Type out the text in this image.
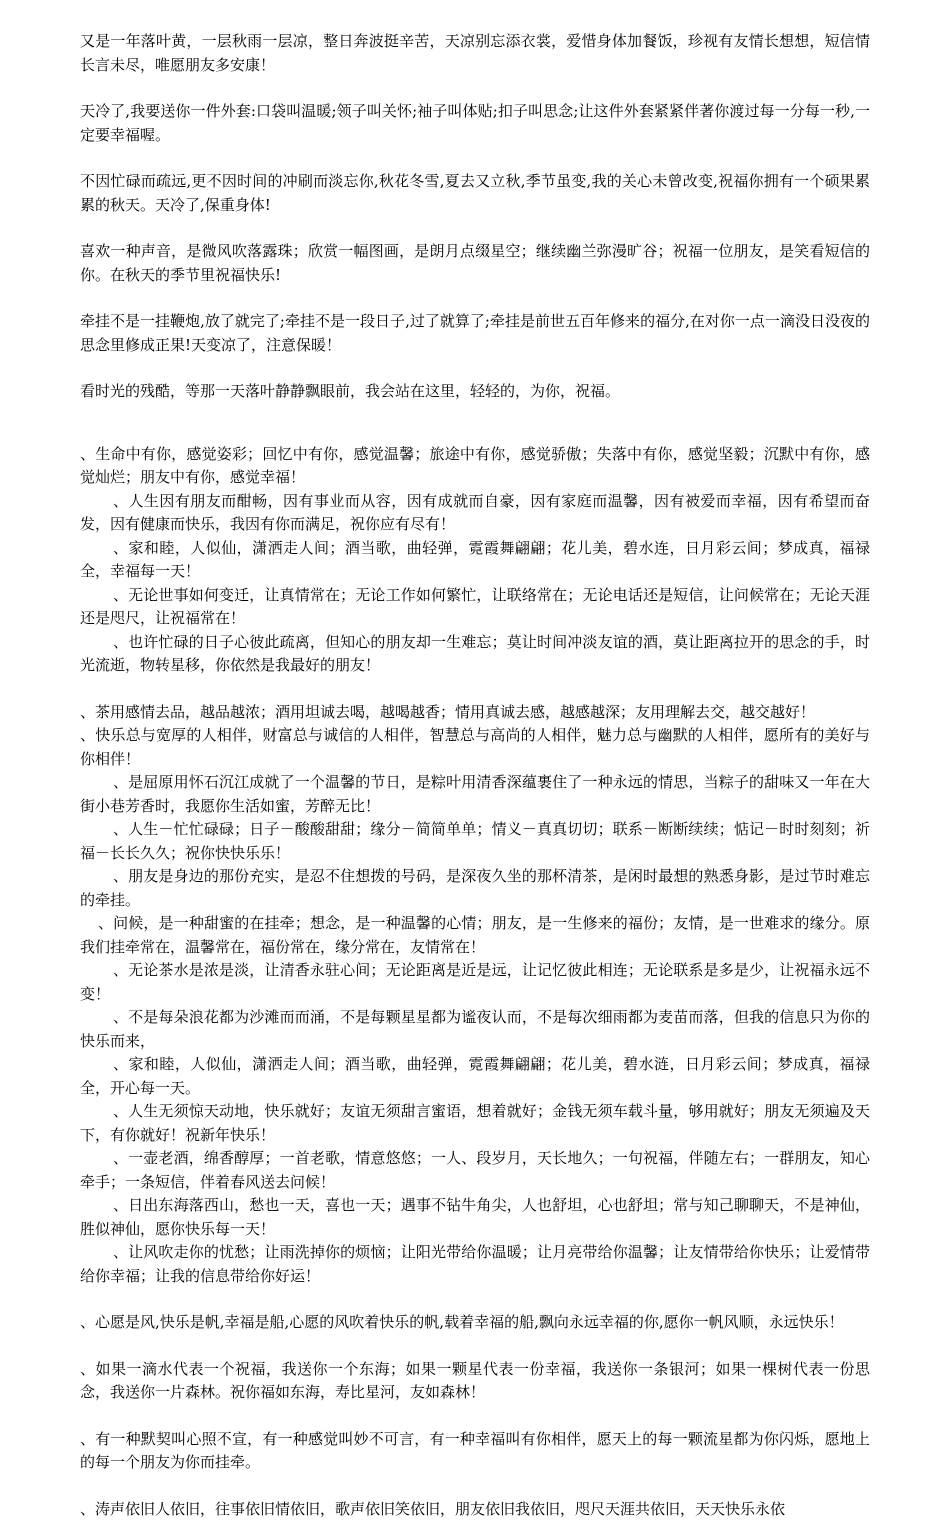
又是一年落叶黄，一层秋雨一层凉，整日奔波挺辛苦，天凉别忘添衣裳，爱惜身体加餐饭，珍视有友情长想想，短信情长言未尽，唯愿朋友多安康！

天冷了,我要送你一件外套:口袋叫温暖;领子叫关怀;袖子叫体贴;扣子叫思念;让这件外套紧紧伴著你渡过每一分每一秒,一定要幸福喔。

不因忙碌而疏远,更不因时间的冲刷而淡忘你,秋花冬雪,夏去又立秋,季节虽变,我的关心未曾改变,祝福你拥有一个硕果累累的秋天。天冷了,保重身体!

喜欢一种声音，是微风吹落露珠；欣赏一幅图画，是朗月点缀星空；继续幽兰弥漫旷谷；祝福一位朋友，是笑看短信的你。在秋天的季节里祝福快乐!

牵挂不是一挂鞭炮,放了就完了;牵挂不是一段日子,过了就算了;牵挂是前世五百年修来的福分,在对你一点一滴没日没夜的思念里修成正果!天变凉了，注意保暖！

看时光的残酷，等那一天落叶静静飘眼前，我会站在这里，轻轻的，为你，祝福。

、生命中有你，感觉姿彩；回忆中有你，感觉温馨；旅途中有你，感觉骄傲；失落中有你，感觉坚毅；沉默中有你，感觉灿烂；朋友中有你，感觉幸福！

、人生因有朋友而酣畅，因有事业而从容，因有成就而自豪，因有家庭而温馨，因有被爱而幸福，因有希望而奋发，因有健康而快乐，我因有你而满足，祝你应有尽有！

、家和睦，人似仙，潇洒走人间；酒当歌，曲轻弹，霓霞舞翩翩；花儿美，碧水连，日月彩云间；梦成真，福禄全，幸福每一天！

、无论世事如何变迁，让真情常在；无论工作如何繁忙，让联络常在；无论电话还是短信，让问候常在；无论天涯还是咫尺，让祝福常在！

、也许忙碌的日子心彼此疏离，但知心的朋友却一生难忘；莫让时间冲淡友谊的酒，莫让距离拉开的思念的手，时光流逝，物转星移，你依然是我最好的朋友！

、茶用感情去品，越品越浓；酒用坦诚去喝，越喝越香；情用真诚去感，越感越深；友用理解去交，越交越好！

、快乐总与宽厚的人相伴，财富总与诚信的人相伴，智慧总与高尚的人相伴，魅力总与幽默的人相伴，愿所有的美好与你相伴！

、是屈原用怀石沉江成就了一个温馨的节日，是粽叶用清香深蕴裹住了一种永远的情思，当粽子的甜味又一年在大街小巷芳香时，我愿你生活如蜜，芳醉无比！

、人生－忙忙碌碌；日子－酸酸甜甜；缘分－简简单单；情义－真真切切；联系－断断续续；惦记－时时刻刻；祈福－长长久久；祝你快快乐乐！

、朋友是身边的那份充实，是忍不住想拨的号码，是深夜久坐的那杯清茶，是闲时最想的熟悉身影，是过节时难忘的牵挂。

、问候，是一种甜蜜的在挂牵；想念，是一种温馨的心情；朋友，是一生修来的福份；友情，是一世难求的缘分。原我们挂牵常在，温馨常在，福份常在，缘分常在，友情常在！

、无论茶水是浓是淡，让清香永驻心间；无论距离是近是远，让记忆彼此相连；无论联系是多是少，让祝福永远不变！

、不是每朵浪花都为沙滩而而涌，不是每颗星星都为谧夜认而，不是每次细雨都为麦苗而落，但我的信息只为你的快乐而来，

、家和睦，人似仙，潇洒走人间；酒当歌，曲轻弹，霓霞舞翩翩；花儿美，碧水涟，日月彩云间；梦成真，福禄全，开心每一天。

、人生无须惊天动地，快乐就好；友谊无须甜言蜜语，想着就好；金钱无须车载斗量，够用就好；朋友无须遍及天下，有你就好！祝新年快乐！

、一壶老酒，绵香醇厚；一首老歌，情意悠悠；一人、段岁月，天长地久；一句祝福，伴随左右；一群朋友，知心牵手；一条短信，伴着春风送去问候！

、日出东海落西山，愁也一天，喜也一天；遇事不钻牛角尖，人也舒坦，心也舒坦；常与知己聊聊天，不是神仙，胜似神仙，愿你快乐每一天！

、让风吹走你的忧愁；让雨洗掉你的烦恼；让阳光带给你温暖；让月亮带给你温馨；让友情带给你快乐；让爱情带给你幸福；让我的信息带给你好运！

、心愿是风,快乐是帆,幸福是船,心愿的风吹着快乐的帆,载着幸福的船,飘向永远幸福的你,愿你一帆风顺，永远快乐！

、如果一滴水代表一个祝福，我送你一个东海；如果一颗星代表一份幸福，我送你一条银河；如果一棵树代表一份思念，我送你一片森林。祝你福如东海，寿比星河，友如森林！

、有一种默契叫心照不宣，有一种感觉叫妙不可言，有一种幸福叫有你相伴，愿天上的每一颗流星都为你闪烁，愿地上的每一个朋友为你而挂牵。

、涛声依旧人依旧，往事依旧情依旧，歌声依旧笑依旧，朋友依旧我依旧，咫尺天涯共依旧，天天快乐永依
